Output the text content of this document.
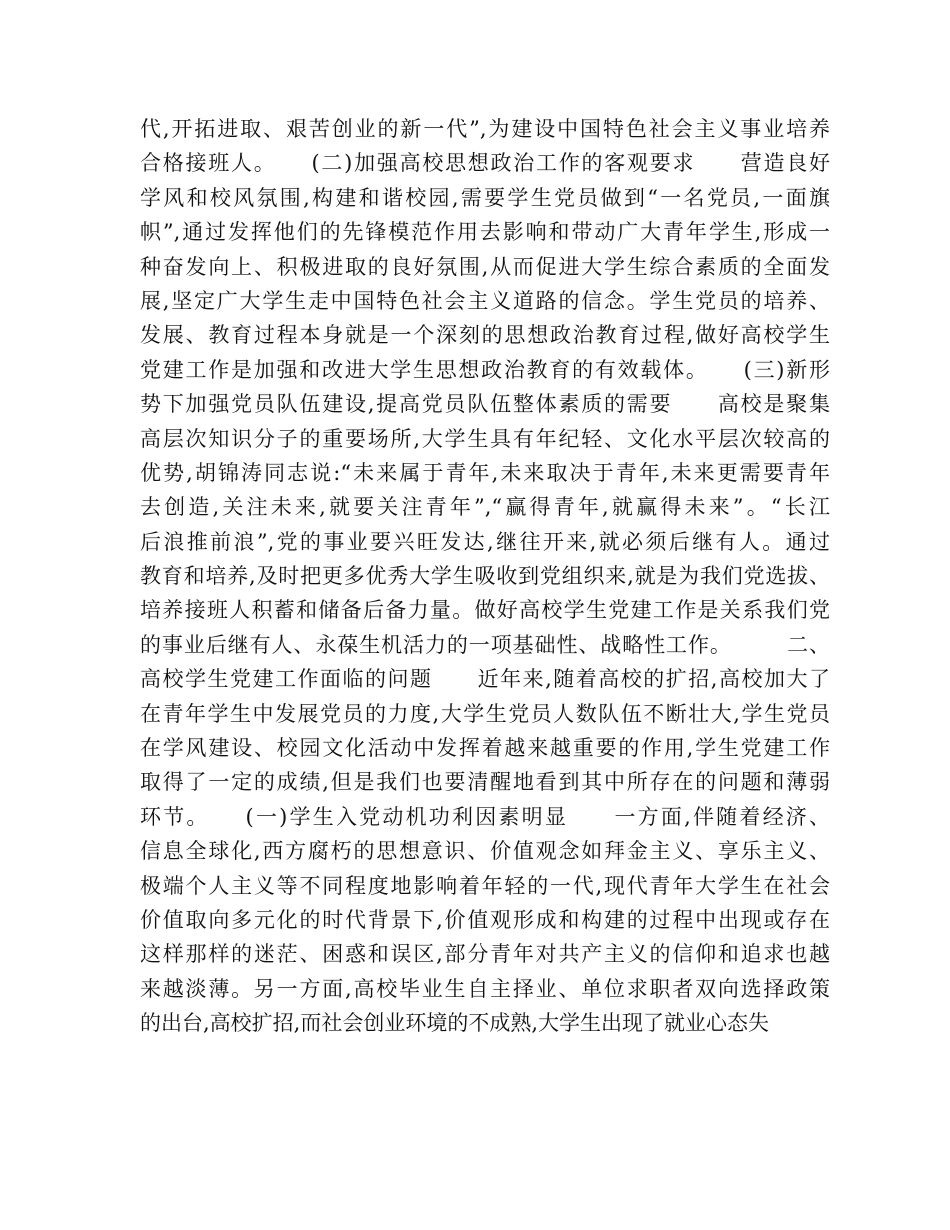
代,开拓进取、艰苦创业的新一代”,为建设中国特色社会主义事业培养
合格接班人。　　(二)加强高校思想政治工作的客观要求　　营造良好
学风和校风氛围,构建和谐校园,需要学生党员做到“一名党员,一面旗
帜”,通过发挥他们的先锋模范作用去影响和带动广大青年学生,形成一
种奋发向上、积极进取的良好氛围,从而促进大学生综合素质的全面发
展,坚定广大学生走中国特色社会主义道路的信念。学生党员的培养、
发展、教育过程本身就是一个深刻的思想政治教育过程,做好高校学生
党建工作是加强和改进大学生思想政治教育的有效载体。　　(三)新形
势下加强党员队伍建设,提高党员队伍整体素质的需要　　高校是聚集
高层次知识分子的重要场所,大学生具有年纪轻、文化水平层次较高的
优势,胡锦涛同志说:“未来属于青年,未来取决于青年,未来更需要青年
去创造,关注未来,就要关注青年”,“赢得青年,就赢得未来”。“长江
后浪推前浪”,党的事业要兴旺发达,继往开来,就必须后继有人。通过
教育和培养,及时把更多优秀大学生吸收到党组织来,就是为我们党选拔、
培养接班人积蓄和储备后备力量。做好高校学生党建工作是关系我们党
的事业后继有人、永葆生机活力的一项基础性、战略性工作。　　　二、
高校学生党建工作面临的问题　　近年来,随着高校的扩招,高校加大了
在青年学生中发展党员的力度,大学生党员人数队伍不断壮大,学生党员
在学风建设、校园文化活动中发挥着越来越重要的作用,学生党建工作
取得了一定的成绩,但是我们也要清醒地看到其中所存在的问题和薄弱
环节。　　(一)学生入党动机功利因素明显　　一方面,伴随着经济、
信息全球化,西方腐朽的思想意识、价值观念如拜金主义、享乐主义、
极端个人主义等不同程度地影响着年轻的一代,现代青年大学生在社会
价值取向多元化的时代背景下,价值观形成和构建的过程中出现或存在
这样那样的迷茫、困惑和误区,部分青年对共产主义的信仰和追求也越
来越淡薄。另一方面,高校毕业生自主择业、单位求职者双向选择政策
的出台,高校扩招,而社会创业环境的不成熟,大学生出现了就业心态失
